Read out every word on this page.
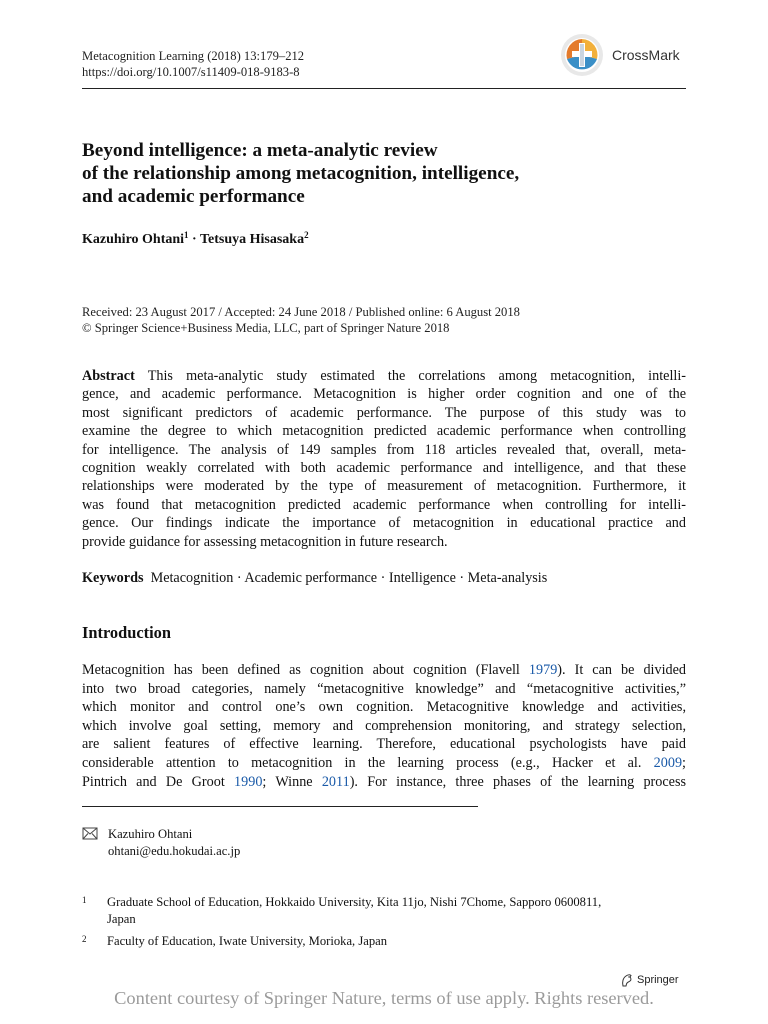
Metacognition Learning (2018) 13:179–212
https://doi.org/10.1007/s11409-018-9183-8
CrossMark
Beyond intelligence: a meta-analytic review
of the relationship among metacognition, intelligence,
and academic performance
Kazuhiro Ohtani$^1$ · Tetsuya Hisasaka$^2$
Received: 23 August 2017 / Accepted: 24 June 2018 / Published online: 6 August 2018
© Springer Science+Business Media, LLC, part of Springer Nature 2018
Abstract This meta-analytic study estimated the correlations among metacognition, intelli-
gence, and academic performance. Metacognition is higher order cognition and one of the
most significant predictors of academic performance. The purpose of this study was to
examine the degree to which metacognition predicted academic performance when controlling
for intelligence. The analysis of 149 samples from 118 articles revealed that, overall, meta-
cognition weakly correlated with both academic performance and intelligence, and that these
relationships were moderated by the type of measurement of metacognition. Furthermore, it
was found that metacognition predicted academic performance when controlling for intelli-
gence. Our findings indicate the importance of metacognition in educational practice and
provide guidance for assessing metacognition in future research.
Keywords Metacognition · Academic performance · Intelligence · Meta-analysis
Introduction
Metacognition has been defined as cognition about cognition (Flavell 1979). It can be divided
into two broad categories, namely “metacognitive knowledge” and “metacognitive activities,”
which monitor and control one’s own cognition. Metacognitive knowledge and activities,
which involve goal setting, memory and comprehension monitoring, and strategy selection,
are salient features of effective learning. Therefore, educational psychologists have paid
considerable attention to metacognition in the learning process (e.g., Hacker et al. 2009;
Pintrich and De Groot 1990; Winne 2011). For instance, three phases of the learning process
Kazuhiro Ohtani
ohtani@edu.hokudai.ac.jp
1 Graduate School of Education, Hokkaido University, Kita 11jo, Nishi 7Chome, Sapporo 0600811,
Japan
2 Faculty of Education, Iwate University, Morioka, Japan
Springer
Content courtesy of Springer Nature, terms of use apply. Rights reserved.
